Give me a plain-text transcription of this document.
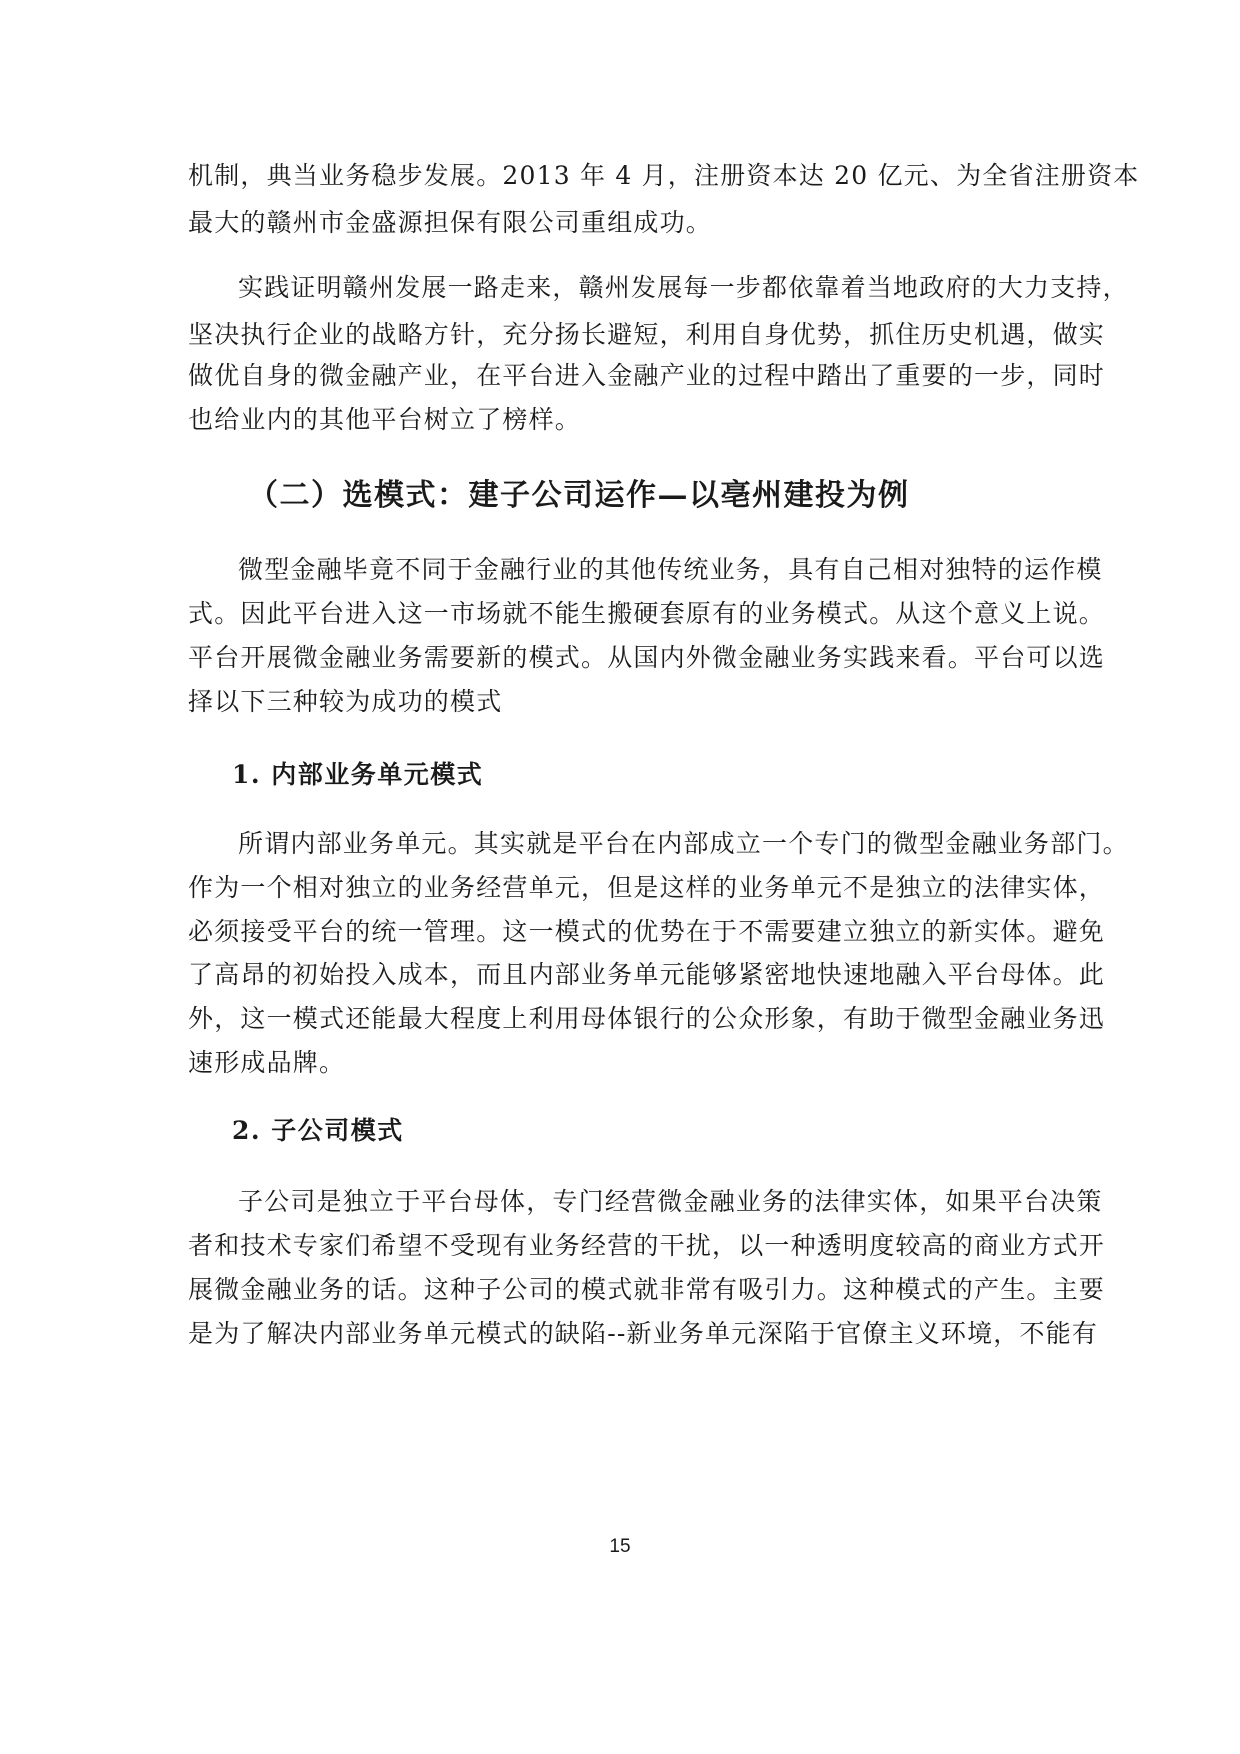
机制，典当业务稳步发展。2013 年 4 月，注册资本达 20 亿元、为全省注册资本
最大的赣州市金盛源担保有限公司重组成功。
实践证明赣州发展一路走来，赣州发展每一步都依靠着当地政府的大力支持，
坚决执行企业的战略方针，充分扬长避短，利用自身优势，抓住历史机遇，做实
做优自身的微金融产业，在平台进入金融产业的过程中踏出了重要的一步，同时
也给业内的其他平台树立了榜样。
（二）选模式：建子公司运作—以亳州建投为例
微型金融毕竟不同于金融行业的其他传统业务，具有自己相对独特的运作模
式。因此平台进入这一市场就不能生搬硬套原有的业务模式。从这个意义上说。
平台开展微金融业务需要新的模式。从国内外微金融业务实践来看。平台可以选
择以下三种较为成功的模式
1. 内部业务单元模式
所谓内部业务单元。其实就是平台在内部成立一个专门的微型金融业务部门。
作为一个相对独立的业务经营单元，但是这样的业务单元不是独立的法律实体，
必须接受平台的统一管理。这一模式的优势在于不需要建立独立的新实体。避免
了高昂的初始投入成本，而且内部业务单元能够紧密地快速地融入平台母体。此
外，这一模式还能最大程度上利用母体银行的公众形象，有助于微型金融业务迅
速形成品牌。
2. 子公司模式
子公司是独立于平台母体，专门经营微金融业务的法律实体，如果平台决策
者和技术专家们希望不受现有业务经营的干扰，以一种透明度较高的商业方式开
展微金融业务的话。这种子公司的模式就非常有吸引力。这种模式的产生。主要
是为了解决内部业务单元模式的缺陷--新业务单元深陷于官僚主义环境，不能有
15
